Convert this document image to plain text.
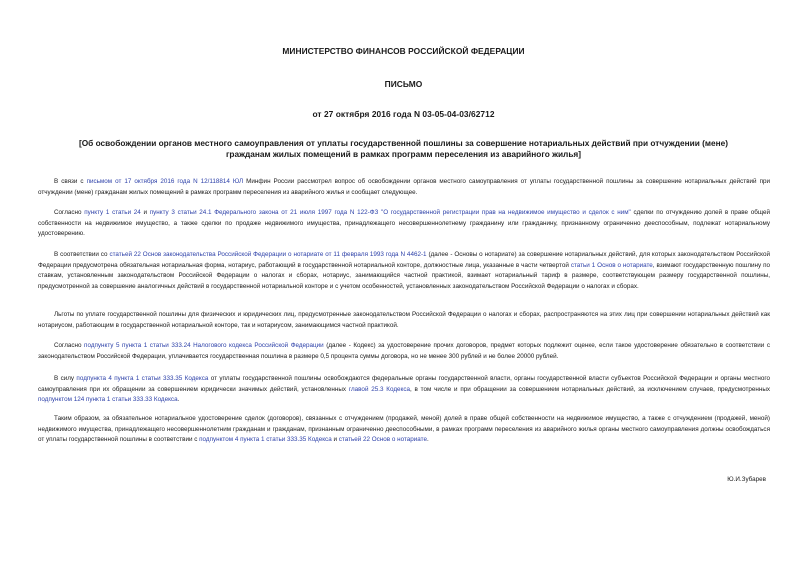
МИНИСТЕРСТВО ФИНАНСОВ РОССИЙСКОЙ ФЕДЕРАЦИИ
ПИСЬМО
от 27 октября 2016 года N 03-05-04-03/62712
[Об освобождении органов местного самоуправления от уплаты государственной пошлины за совершение нотариальных действий при отчуждении (мене) гражданам жилых помещений в рамках программ переселения из аварийного жилья]

В связи с письмом от 17 октября 2016 года N 12/118814 ЮЛ Минфин России рассмотрел вопрос об освобождении органов местного самоуправления от уплаты государственной пошлины за совершение нотариальных действий при отчуждении (мене) гражданам жилых помещений в рамках программ переселения из аварийного жилья и сообщает следующее.

Согласно пункту 1 статьи 24 и пункту 3 статьи 24.1 Федерального закона от 21 июля 1997 года N 122-ФЗ "О государственной регистрации прав на недвижимое имущество и сделок с ним" сделки по отчуждению долей в праве общей собственности на недвижимое имущество, а также сделки по продаже недвижимого имущества, принадлежащего несовершеннолетнему гражданину или гражданину, признанному ограниченно дееспособным, подлежат нотариальному удостоверению.

В соответствии со статьей 22 Основ законодательства Российской Федерации о нотариате от 11 февраля 1993 года N 4462-1 (далее - Основы о нотариате) за совершение нотариальных действий, для которых законодательством Российской Федерации предусмотрена обязательная нотариальная форма, нотариус, работающий в государственной нотариальной конторе, должностные лица, указанные в части четвертой статьи 1 Основ о нотариате, взимают государственную пошлину по ставкам, установленным законодательством Российской Федерации о налогах и сборах, нотариус, занимающийся частной практикой, взимает нотариальный тариф в размере, соответствующем размеру государственной пошлины, предусмотренной за совершение аналогичных действий в государственной нотариальной конторе и с учетом особенностей, установленных законодательством Российской Федерации о налогах и сборах.

Льготы по уплате государственной пошлины для физических и юридических лиц, предусмотренные законодательством Российской Федерации о налогах и сборах, распространяются на этих лиц при совершении нотариальных действий как нотариусом, работающим в государственной нотариальной конторе, так и нотариусом, занимающимся частной практикой.

Согласно подпункту 5 пункта 1 статьи 333.24 Налогового кодекса Российской Федерации (далее - Кодекс) за удостоверение прочих договоров, предмет которых подлежит оценке, если такое удостоверение обязательно в соответствии с законодательством Российской Федерации, уплачивается государственная пошлина в размере 0,5 процента суммы договора, но не менее 300 рублей и не более 20000 рублей.

В силу подпункта 4 пункта 1 статьи 333.35 Кодекса от уплаты государственной пошлины освобождаются федеральные органы государственной власти, органы государственной власти субъектов Российской Федерации и органы местного самоуправления при их обращении за совершением юридически значимых действий, установленных главой 25.3 Кодекса, в том числе и при обращении за совершением нотариальных действий, за исключением случаев, предусмотренных подпунктом 124 пункта 1 статьи 333.33 Кодекса.

Таким образом, за обязательное нотариальное удостоверение сделок (договоров), связанных с отчуждением (продажей, меной) долей в праве общей собственности на недвижимое имущество, а также с отчуждением (продажей, меной) недвижимого имущества, принадлежащего несовершеннолетним гражданам и гражданам, признанным ограниченно дееспособными, в рамках программ переселения из аварийного жилья органы местного самоуправления должны освобождаться от уплаты государственной пошлины в соответствии с подпунктом 4 пункта 1 статьи 333.35 Кодекса и статьей 22 Основ о нотариате.

Ю.И.Зубарев
